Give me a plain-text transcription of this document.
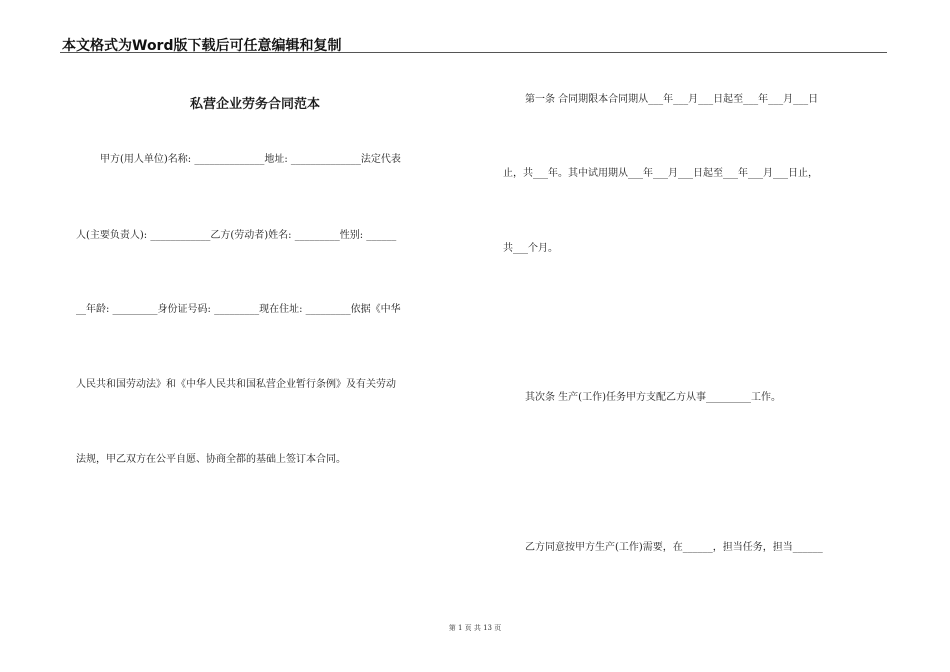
本文格式为Word版下载后可任意编辑和复制
私营企业劳务合同范本
甲方(用人单位)名称: ______________地址: ______________法定代表
人(主要负责人): ____________乙方(劳动者)姓名: _________性别: ______
__年龄: _________身份证号码: _________现在住址: _________依据《中华
人民共和国劳动法》和《中华人民共和国私营企业暂行条例》及有关劳动
法规，甲乙双方在公平自愿、协商全都的基础上签订本合同。
第一条 合同期限本合同期从___年___月___日起至___年___月___日
止，共___年。其中试用期从___年___月___日起至___年___月___日止，
共___个月。
其次条 生产(工作)任务甲方支配乙方从事_________工作。
乙方同意按甲方生产(工作)需要，在______，担当任务，担当______
第 1 页 共 13 页
